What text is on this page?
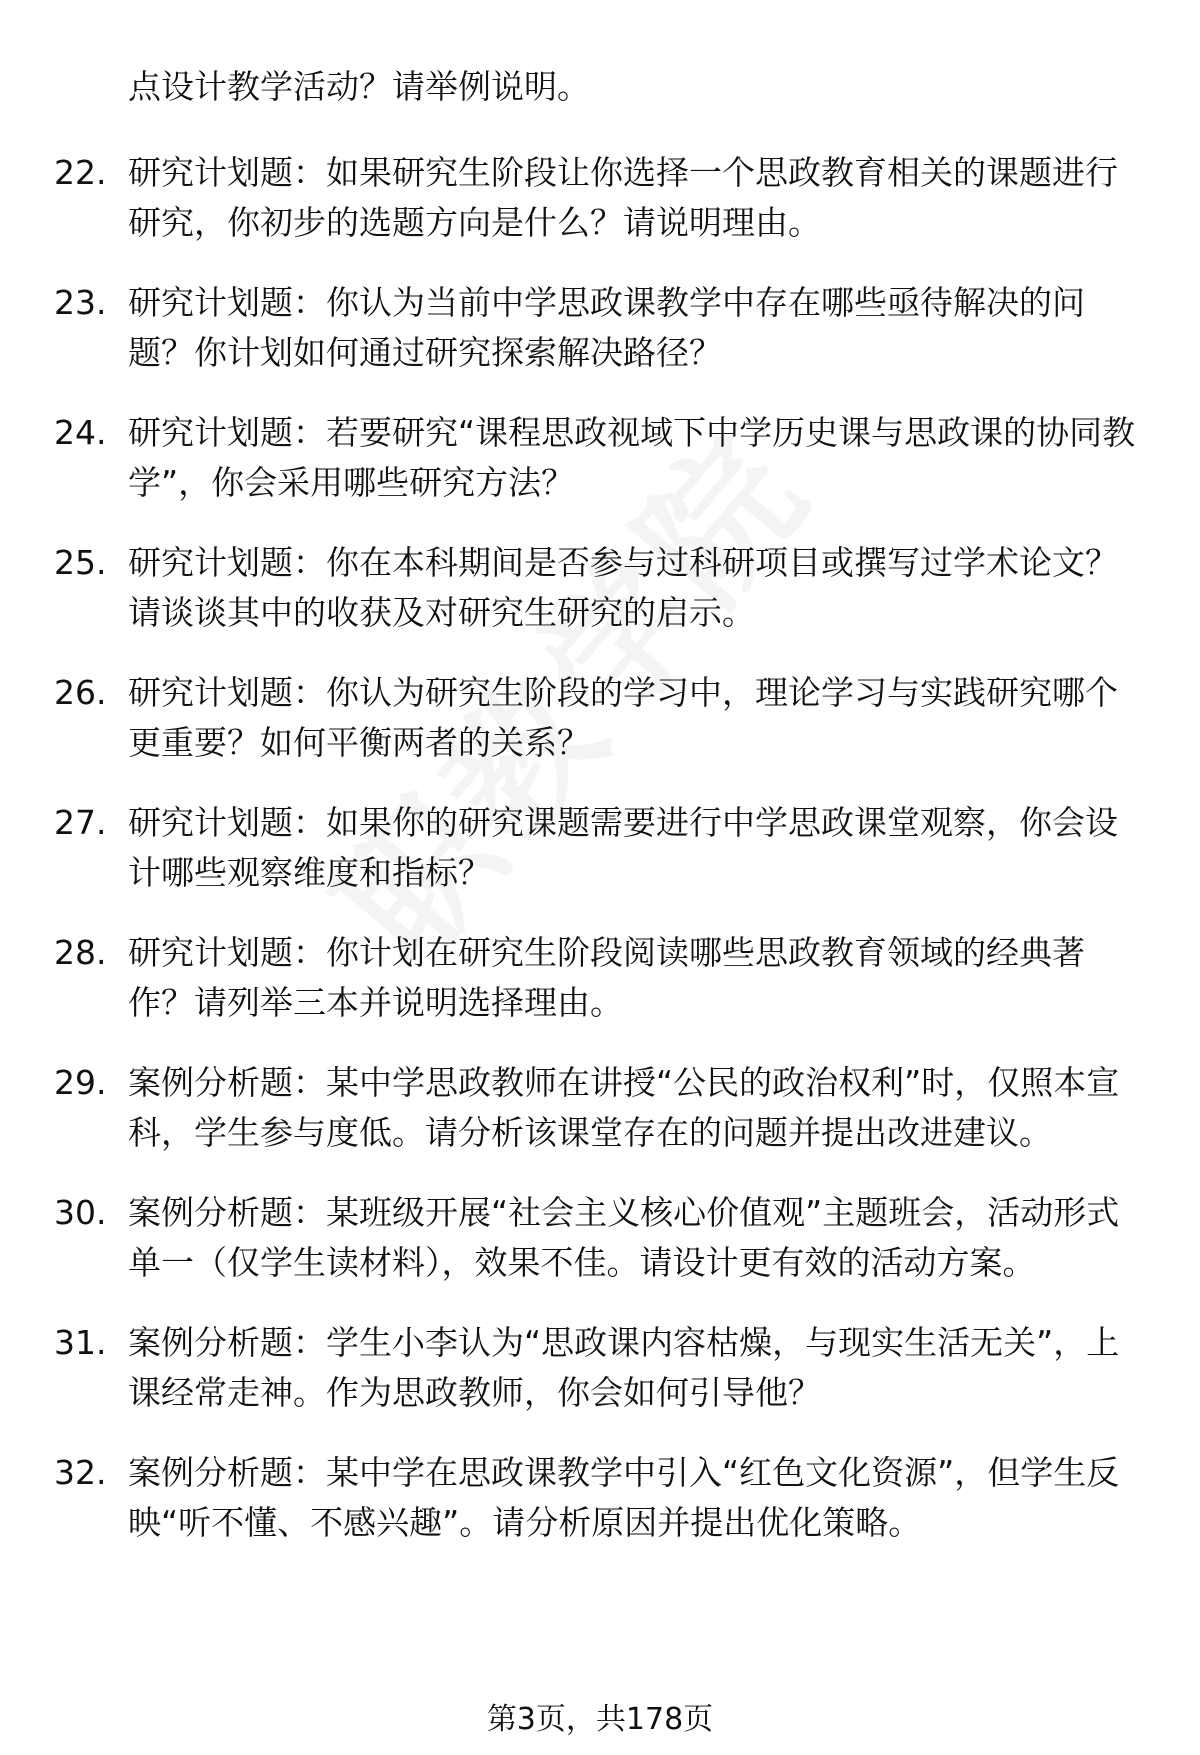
点设计教学活动？请举例说明。
22. 研究计划题：如果研究生阶段让你选择一个思政教育相关的课题进行研究，你初步的选题方向是什么？请说明理由。
23. 研究计划题：你认为当前中学思政课教学中存在哪些亟待解决的问题？你计划如何通过研究探索解决路径？
24. 研究计划题：若要研究“课程思政视域下中学历史课与思政课的协同教学”，你会采用哪些研究方法？
25. 研究计划题：你在本科期间是否参与过科研项目或撰写过学术论文？请谈谈其中的收获及对研究生研究的启示。
26. 研究计划题：你认为研究生阶段的学习中，理论学习与实践研究哪个更重要？如何平衡两者的关系？
27. 研究计划题：如果你的研究课题需要进行中学思政课堂观察，你会设计哪些观察维度和指标？
28. 研究计划题：你计划在研究生阶段阅读哪些思政教育领域的经典著作？请列举三本并说明选择理由。
29. 案例分析题：某中学思政教师在讲授“公民的政治权利”时，仅照本宣科，学生参与度低。请分析该课堂存在的问题并提出改进建议。
30. 案例分析题：某班级开展“社会主义核心价值观”主题班会，活动形式单一（仅学生读材料），效果不佳。请设计更有效的活动方案。
31. 案例分析题：学生小李认为“思政课内容枯燥，与现实生活无关”，上课经常走神。作为思政教师，你会如何引导他？
32. 案例分析题：某中学在思政课教学中引入“红色文化资源”，但学生反映“听不懂、不感兴趣”。请分析原因并提出优化策略。
第3页，共178页
